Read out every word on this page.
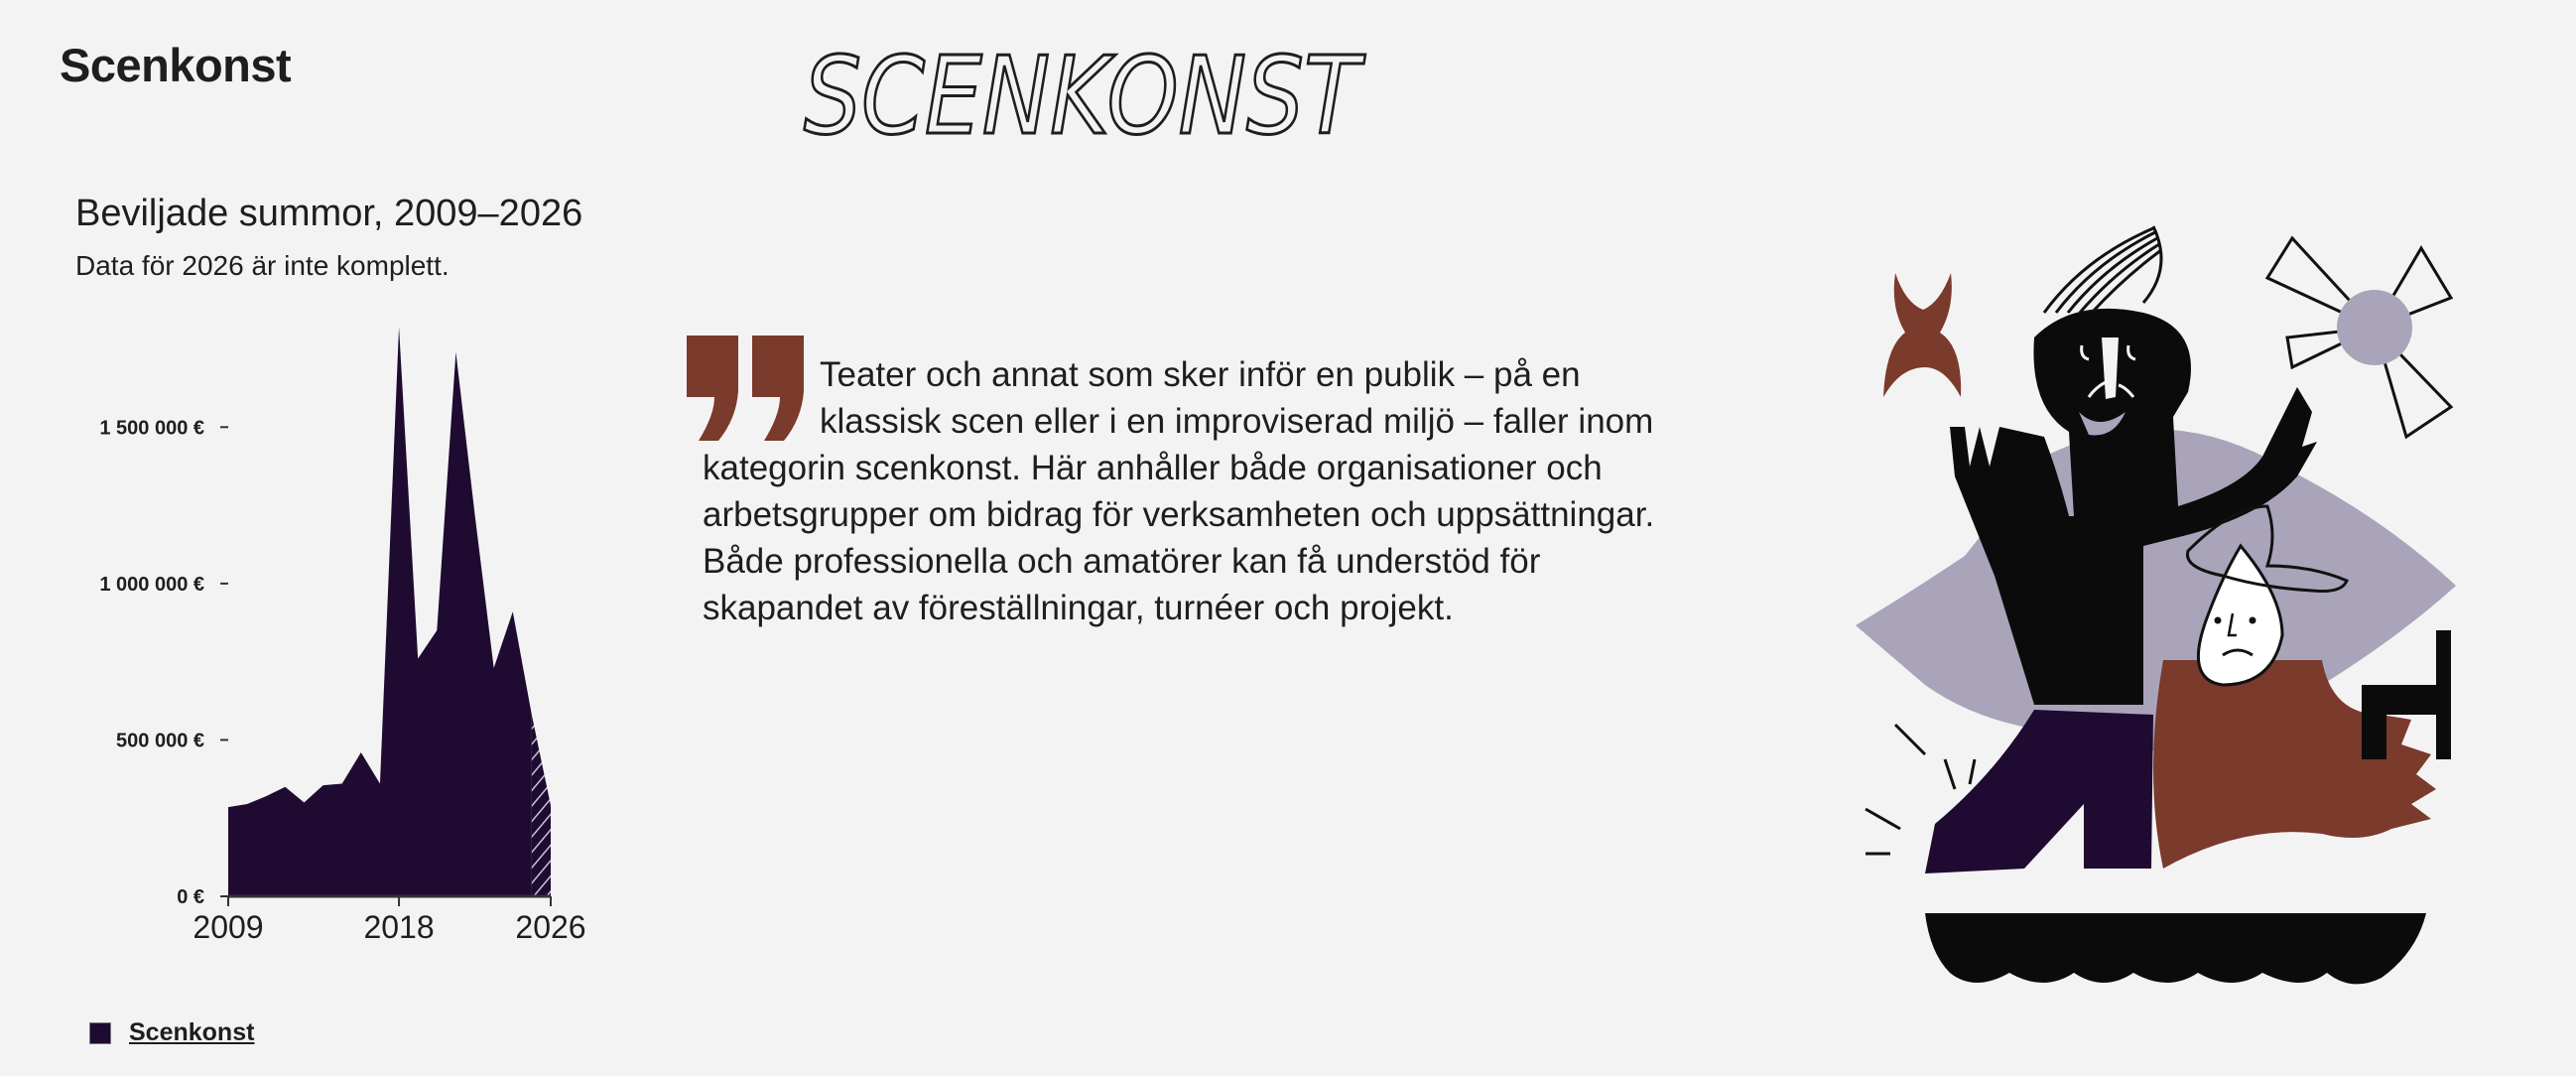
Scenkonst	SCENKONST
Beviljade summor, 2009–2026
Data för 2026 är inte komplett.
0 €
500 000 €
1 000 000 €
1 500 000 €
2009	2018	2026
Scenkonst
Teater och annat som sker inför en publik – på en klassisk scen eller i en improviserad miljö – faller inom kategorin scenkonst. Här anhåller både organisationer och arbetsgrupper om bidrag för verksamheten och uppsättningar. Både professionella och amatörer kan få understöd för skapandet av föreställningar, turnéer och projekt.
